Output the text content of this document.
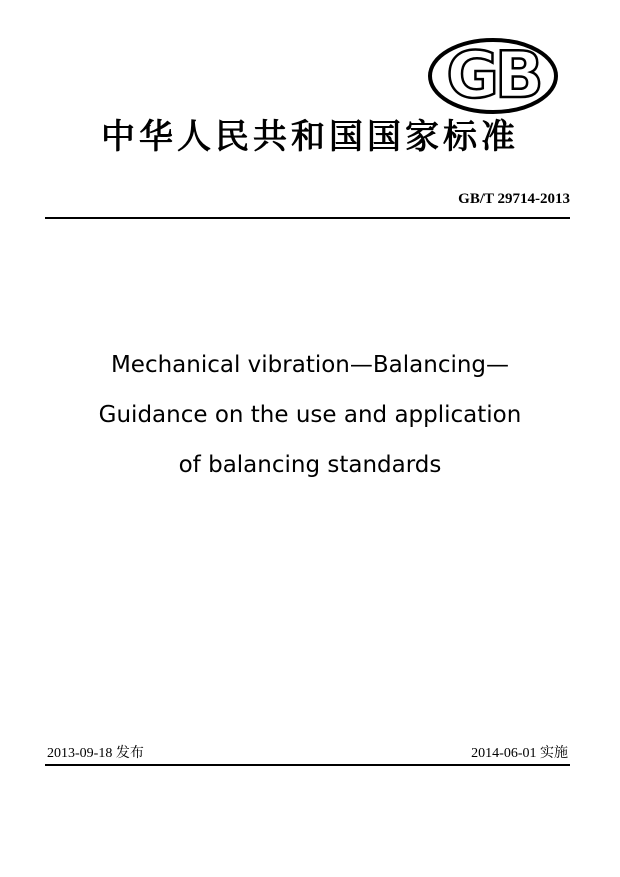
GB
中华人民共和国国家标准
GB/T 29714-2013
Mechanical vibration—Balancing—
Guidance on the use and application
of balancing standards
2013-09-18 发布	2014-06-01 实施
